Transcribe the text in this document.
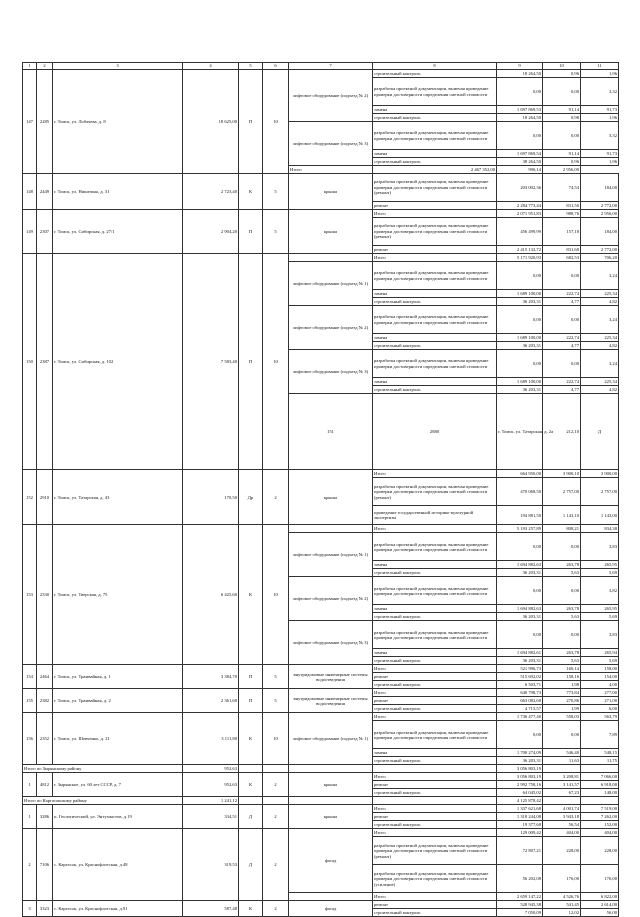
1	2	3	4	5	6	7	8	9	10	11	
147	2285	г. Томск, ул. Лобачева, д. 8	18 625,00	П	10	лифтовое оборудование (подъезд № 2)	строительный контроль	18 264,50	0,96	1,96	
							разработка проектной документации, включая проведение проверки достоверности определения сметной стоимости	0,00	0,00	3,32	
							замена	1 697 869,53	91,14	91,73	
							строительный контроль	18 264,50	0,98	1,96	
						лифтовое оборудование (подъезд № 3)	разработка проектной документации, включая проведение проверки достоверности определения сметной стоимости	0,00	0,00	3,32	
							замена	1 697 869,54	91,14	91,73	
							строительный контроль	38 264,50	0,96	1,96	
						Итого	2 467 352,00	996,14	2 956,00		
148	2449	г. Томск, ул. Никитина, д. 31	2 723,40	К	5	крыша	разработка проектной документации, включая проведение проверки достоверности определения сметной стоимости (ремонт)	203 002,36	74,54	184,00	
							ремонт	2 284 773,44	831,50	2 772,00	
149	2307	г. Томск, ул. Сибирская, д. 27/1	2 904,20	П	5	крыша	Итого	2 071 951,83	988,76	2 956,00	
							разработка проектной документации, включая проведение проверки достоверности определения сметной стоимости (ремонт)	456 499,99	157,18	184,00	
							ремонт	2 415 132,72	831,60	2 772,00	
150	2387	г. Томск, ул. Сибирская, д. 102	7 583,40	П	10		Итого	5 171 920,93	682,53	706,20	
						лифтовое оборудование (подъезд № 1)	разработка проектной документации, включая проведение проверки достоверности определения сметной стоимости	0,00	0,00	3,24	
							замена	1 689 100,00	222,74	225,34	
							строительный контроль	36 203,31	4,77	4,82	
						лифтовое оборудование (подъезд № 2)	разработка проектной документации, включая проведение проверки достоверности определения сметной стоимости	0,00	0,00	3,24	
							замена	1 689 100,00	222,74	225,34	
							строительный контроль	36 203,31	4,77	4,82	
						лифтовое оборудование (подъезд № 3)	разработка проектной документации, включая проведение проверки достоверности определения сметной стоимости	0,00	0,00	3,24	
							замена	1 689 100,00	222,74	225,34	
							строительный контроль	36 203,31	4,77	4,82	
						151	2880	г. Томск, ул. Татарская, д. 2а	212,10	Д						

152	2910	г. Томск, ул. Татарская, д. 43	170,50	Др	2	крыша	Итого	664 950,00	3 900,10	3 900,00	
							разработка проектной документации, включая проведение проверки достоверности определения сметной стоимости (ремонт)	470 068,50	2 757,00	2 757,00	
							проведение государственной историко-культурной экспертизы	194 881,50	1 143,10	1 143,00	
153	2330	г. Томск, ул. Тверская, д. 75	6 425,60	К	10		Итого	5 193 257,89	808,21	834,38	
						лифтовое оборудование (подъезд № 1)	разработка проектной документации, включая проведение проверки достоверности определения сметной стоимости	0,00	0,00	3,83	
							замена	1 694 882,63	263,78	265,95	
							строительный контроль	36 203,31	5,63	5,69	
						лифтовое оборудование (подъезд № 2)	разработка проектной документации, включая проведение проверки достоверности определения сметной стоимости	0,00	0,00	3,82	
							замена	1 694 882,63	263,78	265,95	
							строительный контроль	36 203,31	5,63	5,69	
						лифтовое оборудование (подъезд № 3)	разработка проектной документации, включая проведение проверки достоверности определения сметной стоимости	0,00	0,00	3,83	
							замена	1 694 882,61	263,78	265,94	
							строительный контроль	36 203,31	5,63	5,69	
154	2464	г. Томск, ул. Трамвайная, д. 1	3 384,70	П	5	внутридомовые инженерные системы водоотведения	Итого	521 996,73	160,14	158,00	
							ремонт	515 692,02	158,16	154,00	
							строительный контроль	6 503,71	1,98	4,00	
155	2382	г. Томск, ул. Трамвайная, д. 2	2 361,60	П	5	внутридомовые инженерные системы водоотведения	Итого	640 798,73	773,84	277,00	
							ремонт	663 082,60	270,86	271,00	
							строительный контроль	4 715,57	1,99	6,00	
156	2352	г. Томск, ул. Шевченко, д. 21	3 111,80	К	10	лифтовое оборудование (подъезд № 1)	Итого	1 736 477,40	558,03	563,79	
							разработка проектной документации, включая проведение проверки достоверности определения сметной стоимости	0,00	0,00	7,89	
							замена	1 700 274,09	546,40	548,15	
							строительный контроль	36 203,31	11,63	11,75	
Итого по Зырянскому району			952,63					3 056 803,19			
1	4812	г. Зырянское, ул. 60 лет СССР, д. 7	952,63	К	2	крыша	Итого	3 056 803,19	3 208,81	7 066,00	
							ремонт	2 992 758,16	3 141,57	6 918,00	
							строительный контроль	64 045,02	67,23	148,00	
Итого по Каргасокскому району			1 241,12					4 125 878,42			
1	3286	п. Геологический, ул. Энтузиастов, д.19	334,51	Д	2	крыша	Итого	1 337 621,68	4 001,74	7 519,00	
							ремонт	1 318 244,08	3 943,18	7 262,00	
							строительный контроль	19 377,60	56,54	152,00	
2	7106	с. Каргасок, ул. Краснофлотская, д.48	319,53	Д	2	фасад	Итого	129 009,42	404,00	404,00	
							разработка проектной документации, включая проведение проверки достоверности определения сметной стоимости (ремонт)	72 807,21	228,00	228,00	
							разработка проектной документации, включая проведение проверки достоверности определения сметной стоимости (усиление)	56 202,08	176,00	176,00	
							Итого	2 659 147,22	4 526,76	6 822,00	
3	3323	с. Каргасок, ул. Краснофлотская, д.91	587,48	К	2	фасад	ремонт	528 945,38	541,45	2 614,00	
							строительный контроль	7 050,09	12,02	56,00	
